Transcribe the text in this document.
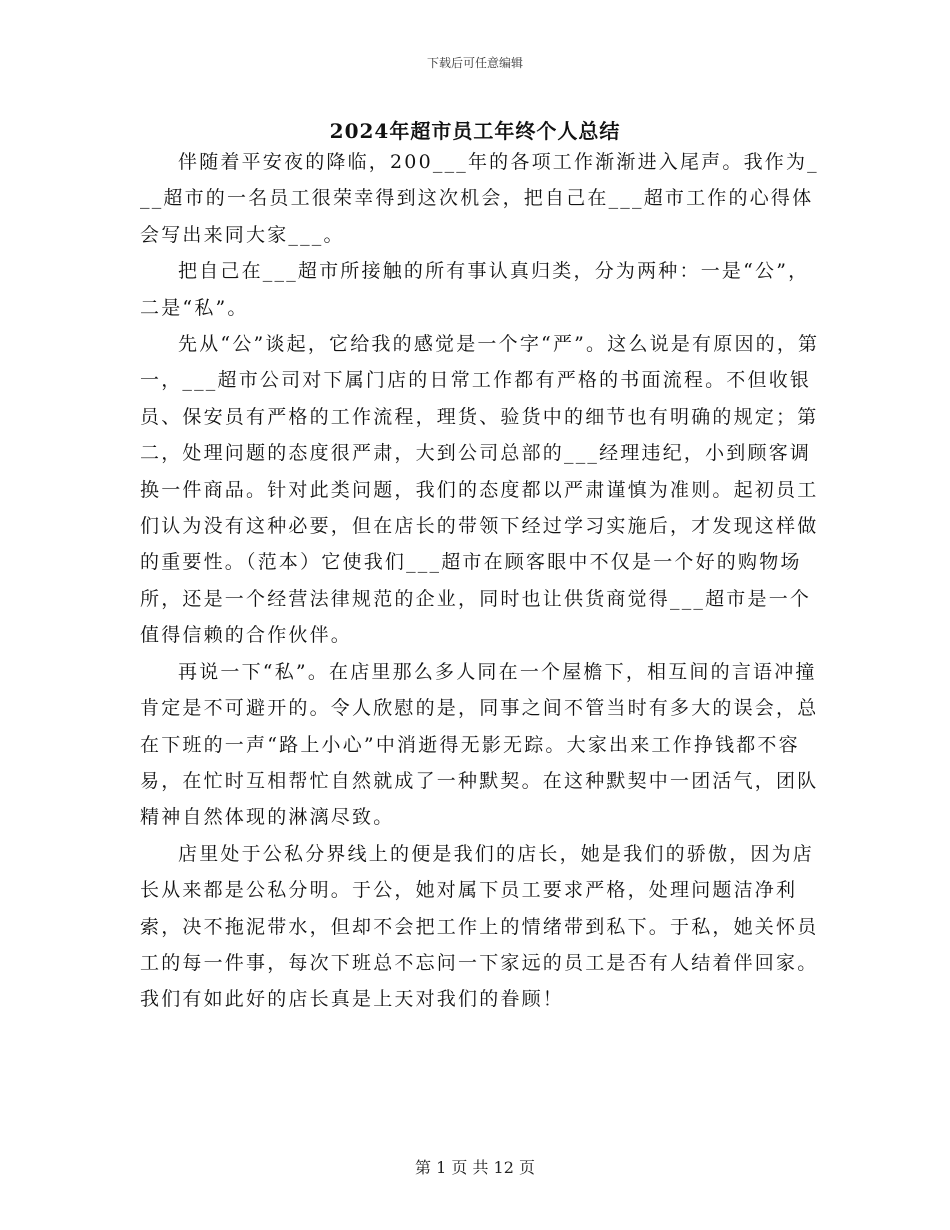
下载后可任意编辑
2024年超市员工年终个人总结

伴随着平安夜的降临，200___年的各项工作渐渐进入尾声。我作为___超市的一名员工很荣幸得到这次机会，把自己在___超市工作的心得体会写出来同大家___。

把自己在___超市所接触的所有事认真归类，分为两种：一是“公”，二是“私”。

先从“公”谈起，它给我的感觉是一个字“严”。这么说是有原因的，第一，___超市公司对下属门店的日常工作都有严格的书面流程。不但收银员、保安员有严格的工作流程，理货、验货中的细节也有明确的规定；第二，处理问题的态度很严肃，大到公司总部的___经理违纪，小到顾客调换一件商品。针对此类问题，我们的态度都以严肃谨慎为准则。起初员工们认为没有这种必要，但在店长的带领下经过学习实施后，才发现这样做的重要性。（范本）它使我们___超市在顾客眼中不仅是一个好的购物场所，还是一个经营法律规范的企业，同时也让供货商觉得___超市是一个值得信赖的合作伙伴。

再说一下“私”。在店里那么多人同在一个屋檐下，相互间的言语冲撞肯定是不可避开的。令人欣慰的是，同事之间不管当时有多大的误会，总在下班的一声“路上小心”中消逝得无影无踪。大家出来工作挣钱都不容易，在忙时互相帮忙自然就成了一种默契。在这种默契中一团活气，团队精神自然体现的淋漓尽致。

店里处于公私分界线上的便是我们的店长，她是我们的骄傲，因为店长从来都是公私分明。于公，她对属下员工要求严格，处理问题洁净利索，决不拖泥带水，但却不会把工作上的情绪带到私下。于私，她关怀员工的每一件事，每次下班总不忘问一下家远的员工是否有人结着伴回家。我们有如此好的店长真是上天对我们的眷顾！

第 1 页 共 12 页
